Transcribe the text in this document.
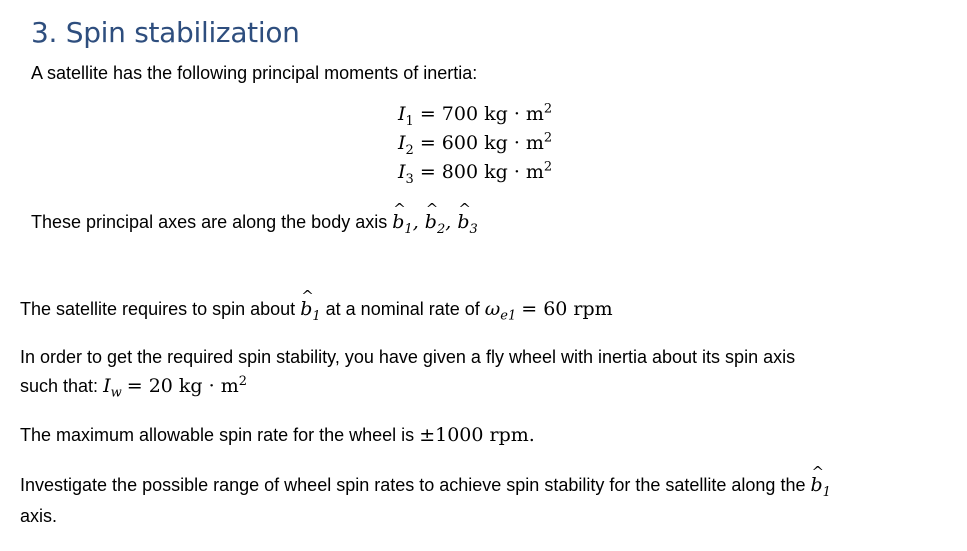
3. Spin stabilization
A satellite has the following principal moments of inertia:
$I_1 = 700$ kg · $m^2$
$I_2 = 600$ kg · $m^2$
$I_3 = 800$ kg · $m^2$
These principal axes are along the body axis ^ $b_1$, ^ $b_2$, ^ $b_3$
The satellite requires to spin about ^ $b_1$ at a nominal rate of $\omega_{e1} = 60$ rpm
In order to get the required spin stability, you have given a fly wheel with inertia about its spin axis
such that: $I_w = 20$ kg · $m^2$
The maximum allowable spin rate for the wheel is ±1000 rpm.
Investigate the possible range of wheel spin rates to achieve spin stability for the satellite along the ^ $b_1$
axis.
